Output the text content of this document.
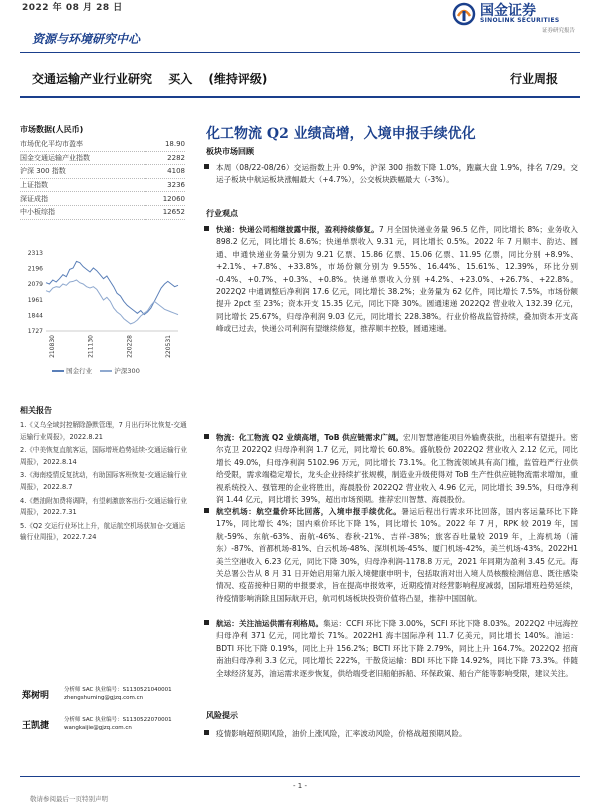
2022 年 08 月 28 日	国金证券
SINOLINK SECURITIES
证券研究报告
资源与环境研究中心
交通运输产业行业研究 买入 (维持评级)	行业周报
市场数据(人民币)
市场优化平均市盈率	18.90
国金交通运输产业指数	2282
沪深 300 指数	4108
上证指数	3236
深证成指	12060
中小板综指	12652
2313
2196
2079
1961
1844
1727
210830	211130	220228	220531
国金行业	沪深300
相关报告
1.《义乌全域封控解除静默管理，7 月出行环比恢复-交通运输行业周报》，2022.8.21
2.《中美恢复直航客运，国际增班趋势延续-交通运输行业周报》，2022.8.14
3.《海南疫情反复扰动，有助国际客班恢复-交通运输行业周报》，2022.8.7
4.《燃油附加费将调降，有望刺激旅客出行-交通运输行业周报》，2022.7.31
5.《Q2 交运行业环比上升，航运航空机场获加仓-交通运输行业周报》，2022.7.24
郑树明
分析师 SAC 执业编号：S1130521040001
zhengshuming@gjzq.com.cn
王凯捷
分析师 SAC 执业编号：S1130522070001
wangkaijie@gjzq.com.cn
化工物流 Q2 业绩高增，入境申报手续优化
板块市场回顾
本周（08/22-08/26）交运指数上升 0.9%，沪深 300 指数下降 1.0%，跑赢大盘 1.9%，排名 7/29。交运子板块中航运板块涨幅最大（+4.7%），公交板块跌幅最大（-3%）。
行业观点
快递：快递公司相继披露中报，盈利持续修复。7 月全国快递业务量 96.5 亿件，同比增长 8%；业务收入 898.2 亿元，同比增长 8.6%；快递单票收入 9.31 元，同比增长 0.5%。2022 年 7 月顺丰、韵达、圆通、申通快递业务量分别为 9.21 亿票、15.86 亿票、15.06 亿票、11.95 亿票，同比分别 +8.9%、+2.1%、+7.8%、+33.8%，市场份额分别为 9.55%、16.44%、15.61%、12.39%，环比分别 -0.4%、+0.7%、+0.3%、+0.8%。快递单票收入分别 +4.2%、+23.0%、+26.7%、+22.8%。2022Q2 中通调整后净利润 17.6 亿元，同比增长 38.2%；业务量为 62 亿件，同比增长 7.5%，市场份额提升 2pct 至 23%；资本开支 15.35 亿元，同比下降 30%。圆通速递 2022Q2 营业收入 132.39 亿元，同比增长 25.67%，归母净利润 9.03 亿元，同比增长 228.38%。行业价格战监管持续，叠加资本开支高峰或已过去，快递公司利润有望继续修复，推荐顺丰控股，圆通速递。
物流：化工物流 Q2 业绩高增，ToB 供应链需求广阔。宏川智慧港能项目外输费获批，出租率有望提升。密尔克卫 2022Q2 归母净利润 1.7 亿元，同比增长 60.8%。盛航股份 2022Q2 营业收入 2.12 亿元，同比增长 49.0%，归母净利润 5102.96 万元，同比增长 73.1%。化工物流领域具有高门槛，监管趋严行业供给受限，需求端稳定增长，龙头企业持续扩张规模，制造业升级使得对 ToB 生产性供应链物流需求增加，重视系统投入、强管理的企业将胜出，海晨股份 2022Q2 营业收入 4.96 亿元，同比增长 39.5%，归母净利润 1.44 亿元，同比增长 39%，超出市场预期。推荐宏川智慧、海晨股份。
航空机场：航空量价环比回落，入境申报手续优化。暑运后程出行需求环比回落，国内客运量环比下降 17%，同比增长 4%；国内乘价环比下降 1%，同比增长 10%。2022 年 7 月，RPK 较 2019 年，国航-59%、东航-63%、南航-46%、春秋-21%、吉祥-38%；旅客吞吐量较 2019 年，上海机场（浦东）-87%、首都机场-81%、白云机场-48%、深圳机场-45%、厦门机场-42%，美兰机场-43%。2022H1 美兰空港收入 6.23 亿元，同比下降 30%，归母净利润-1178.8 万元，2021 年同期为盈利 3.45 亿元。海关总署公告从 8 月 31 日开始启用第九版入境健康申明卡，包括取消对出入境人员核酸检测信息、既往感染情况、疫苗接种日期的申报要求，旨在提高申报效率，近期疫情对经营影响程度减弱，国际增班趋势延续，待疫情影响消除且国际航开启，航司机场板块投资价值将凸显，推荐中国国航。
航运：关注油运供需有利格局。集运：CCFI 环比下降 3.00%，SCFI 环比下降 8.03%。2022Q2 中远海控归母净利 371 亿元，同比增长 71%。2022H1 海丰国际净利 11.7 亿美元，同比增长 140%。油运：BDTI 环比下降 0.19%，同比上升 156.2%；BCTI 环比下降 2.79%，同比上升 164.7%。2022Q2 招商南油归母净利 3.3 亿元，同比增长 222%，干散货运输：BDI 环比下降 14.92%，同比下降 73.3%。伴随全球经济复苏，油运需求逐步恢复，供给端受老旧船舶拆船、环保政策、船台产能等影响受限，建议关注。
风险提示
疫情影响超预期风险，油价上涨风险，汇率波动风险，价格战超预期风险。
- 1 -
敬请参阅最后一页特别声明
